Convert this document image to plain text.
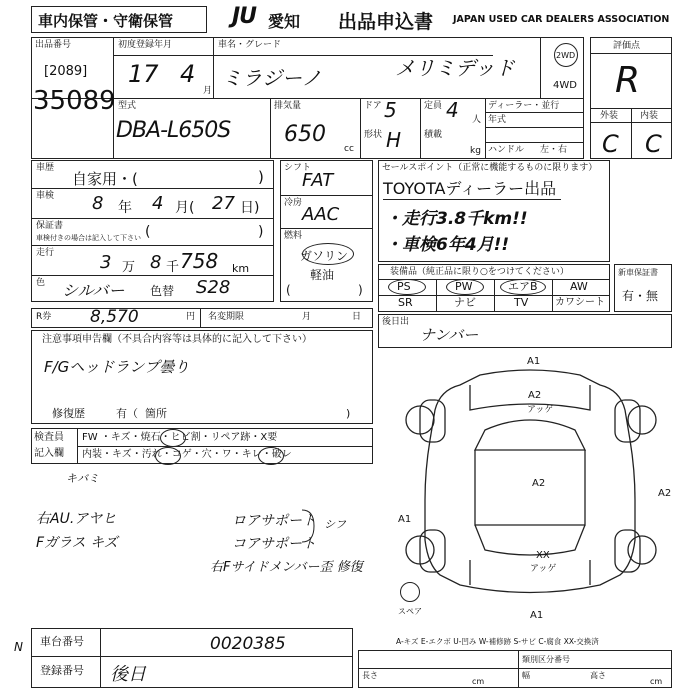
車内保管・守衛保管	JU 愛知 出品申込書 JAPAN USED CAR DEALERS ASSOCIATION
出品番号
[2089]
35089
初度登録年月
17 4
月
車名・グレード
ミラジーノ	メリミデッド
2WD
4WD
型式
DBA-L650S
排気量
650
cc
ドア 5
形状 H
定員 4 人
積載
kg
ディーラー・並行
年式
ハンドル 左・右
評価点
R
外装 内装
C C
車歴
自家用・(	)
車検 8 年 4 月( 27 日)
保証書
車検付きの場合は記入して下さい (	)
走行	3 万 8 千 758 km
色 シルバー 色替 S28
シフト
FAT
冷房
AAC
燃料
ガソリン
軽油
(	)
セールスポイント（正常に機能するものに限ります）
TOYOTAディーラー出品
・走行3.8千km!!
・車検6年4月!!
装備品（純正品に限り○をつけてください）
PS	PW	エアB	AW
SR	ナビ	TV	カワシート
新車保証書
有・無
R券 8,570	円 名変期限	月	日 後日出
ナンバー
注意事項申告欄（不具合内容等は具体的に記入して下さい）
F/Gヘッドランプ曇り
修復歴	有（ 箇所	)
検査員
記入欄
FW ・キズ・焼石・ヒビ割・リペア跡・X要
内装・キズ・汚れ・コゲ・穴・ワ・キレ・破レ
キバミ
右AU.アヤヒ
Fガラス キズ
ロアサポート シフ
コアサポート
右Fサイドメンバー歪 修復
A1
A2
アッゲ
A2
A2
A1
XX
アッゲ
A1
スペア
A-キズ E-エクボ U-凹み W-補修跡 S-サビ C-腐食 XX-交換済
N 車台番号	0020385
登録番号 後日
類別区分番号
長さ
cm
幅	高さ
cm
